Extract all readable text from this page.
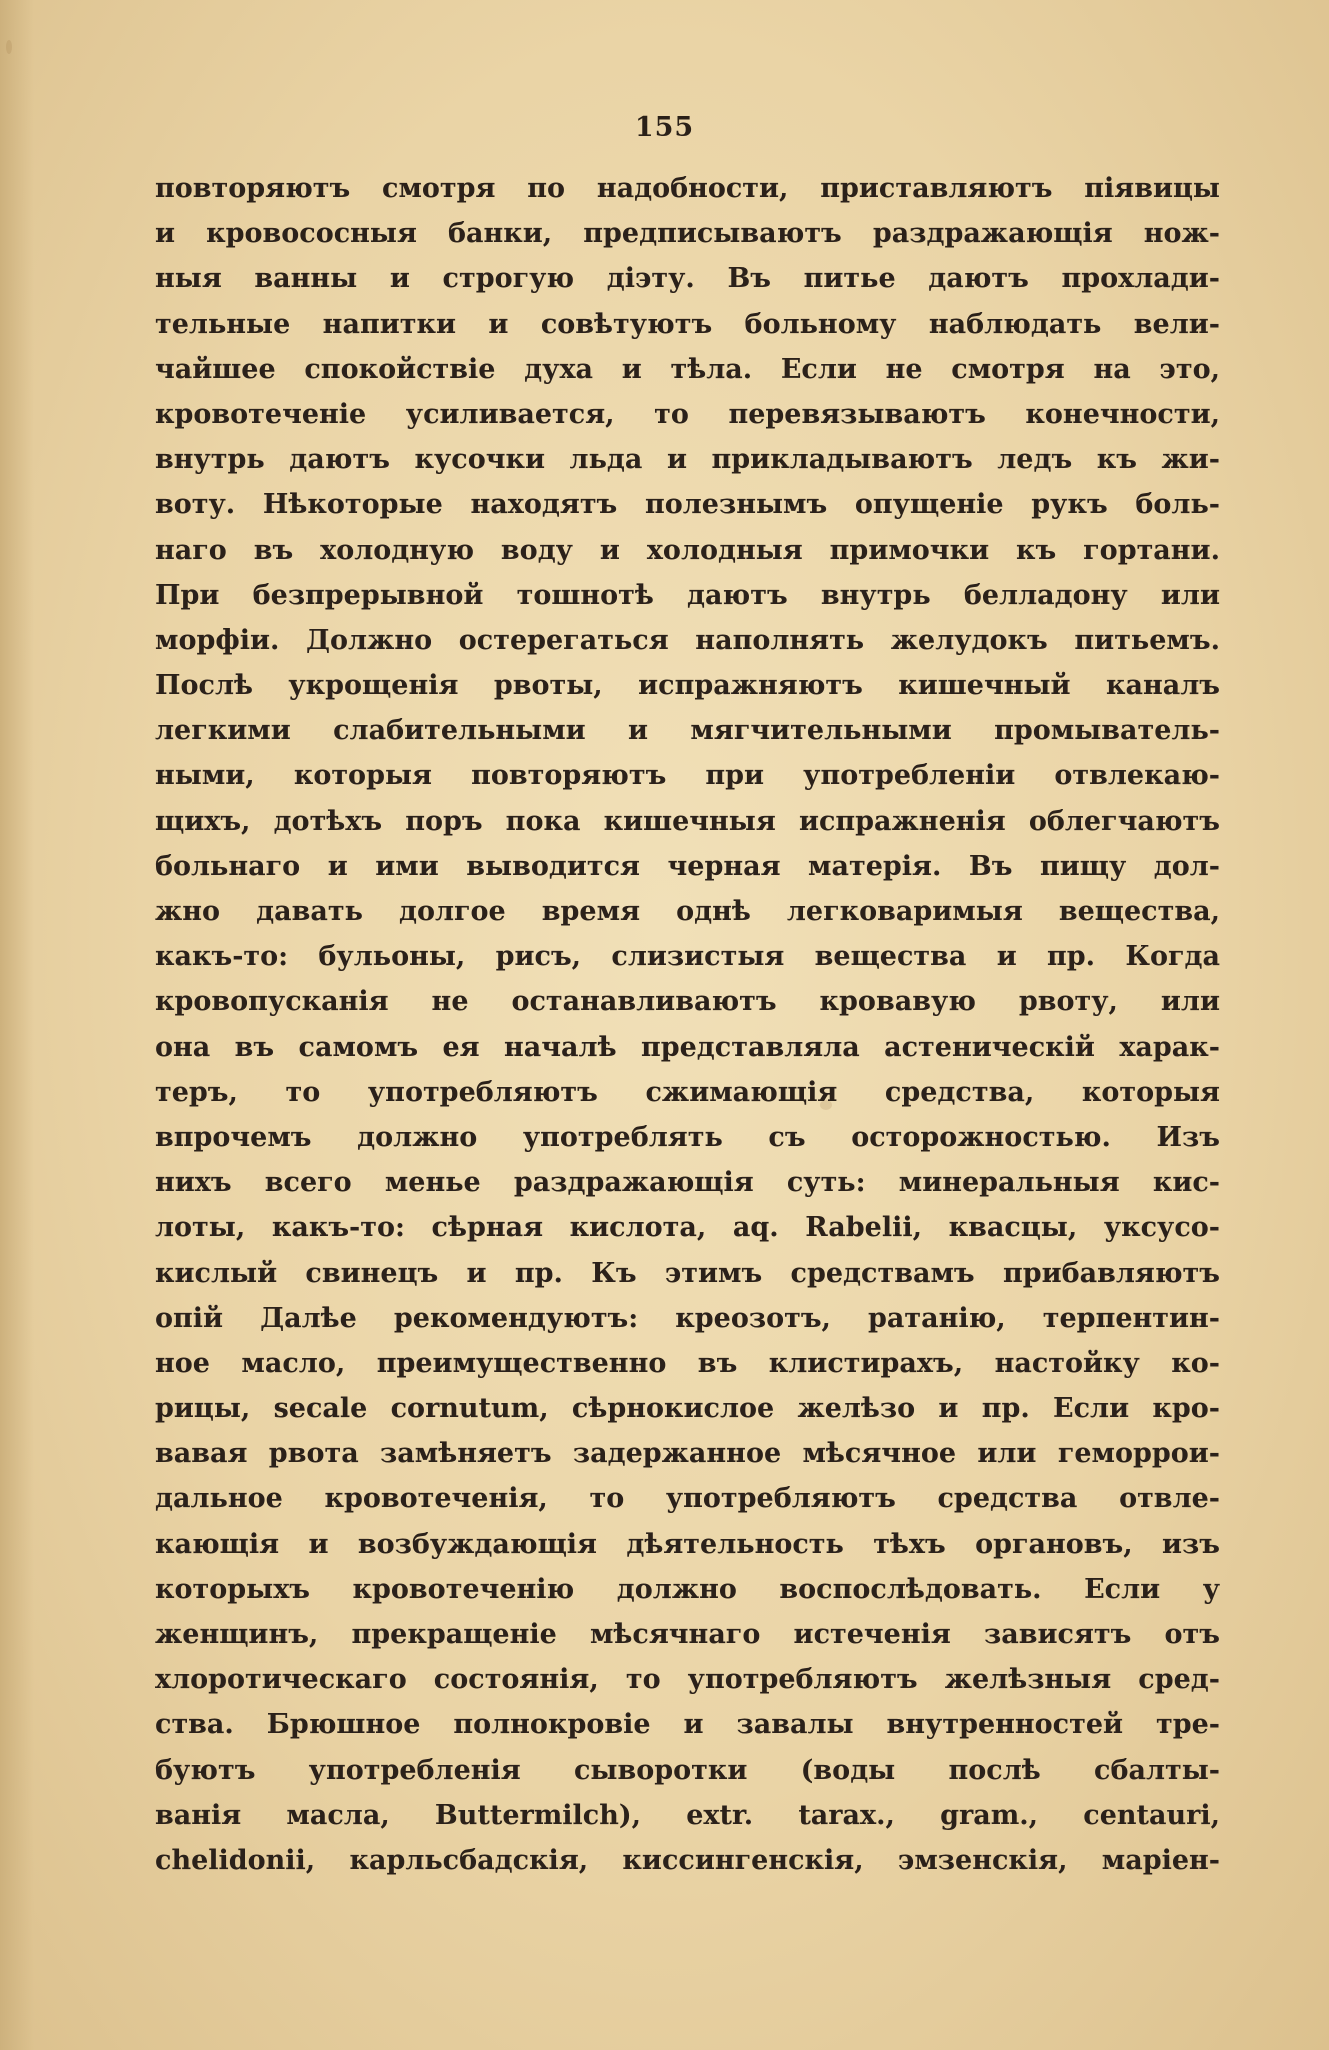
155
повторяютъ смотря по надобности, приставляютъ піявицы
и кровососныя банки, предписываютъ раздражающія нож-
ныя ванны и строгую діэту. Въ питье даютъ прохлади-
тельные напитки и совѣтуютъ больному наблюдать вели-
чайшее спокойствіе духа и тѣла. Если не смотря на это,
кровотеченіе усиливается, то перевязываютъ конечности,
внутрь даютъ кусочки льда и прикладываютъ ледъ къ жи-
воту. Нѣкоторые находятъ полезнымъ опущеніе рукъ боль-
наго въ холодную воду и холодныя примочки къ гортани.
При безпрерывной тошнотѣ даютъ внутрь белладону или
морфіи. Должно остерегаться наполнять желудокъ питьемъ.
Послѣ укрощенія рвоты, испражняютъ кишечный каналъ
легкими слабительными и мягчительными промыватель-
ными, которыя повторяютъ при употребленіи отвлекаю-
щихъ, дотѣхъ поръ пока кишечныя испражненія облегчаютъ
больнаго и ими выводится черная матерія. Въ пищу дол-
жно давать долгое время однѣ легковаримыя вещества,
какъ-то: бульоны, рисъ, слизистыя вещества и пр. Когда
кровопусканія не останавливаютъ кровавую рвоту, или
она въ самомъ ея началѣ представляла астеническій харак-
теръ, то употребляютъ сжимающія средства, которыя
впрочемъ должно употреблять съ осторожностью. Изъ
нихъ всего менье раздражающія суть: минеральныя кис-
лоты, какъ-то: сѣрная кислота, aq. Rabelii, квасцы, уксусо-
кислый свинецъ и пр. Къ этимъ средствамъ прибавляютъ
опій Далѣе рекомендуютъ: креозотъ, ратанію, терпентин-
ное масло, преимущественно въ клистирахъ, настойку ко-
рицы, secale cornutum, сѣрнокислое желѣзо и пр. Если кро-
вавая рвота замѣняетъ задержанное мѣсячное или геморрои-
дальное кровотеченія, то употребляютъ средства отвле-
кающія и возбуждающія дѣятельность тѣхъ органовъ, изъ
которыхъ кровотеченію должно воспослѣдовать. Если у
женщинъ, прекращеніе мѣсячнаго истеченія зависятъ отъ
хлоротическаго состоянія, то употребляютъ желѣзныя сред-
ства. Брюшное полнокровіе и завалы внутренностей тре-
буютъ употребленія сыворотки (воды послѣ сбалты-
ванія масла, Buttermilch), extr. tarax., gram., centauri,
chelidonii, карльсбадскія, киссингенскія, эмзенскія, маріен-
